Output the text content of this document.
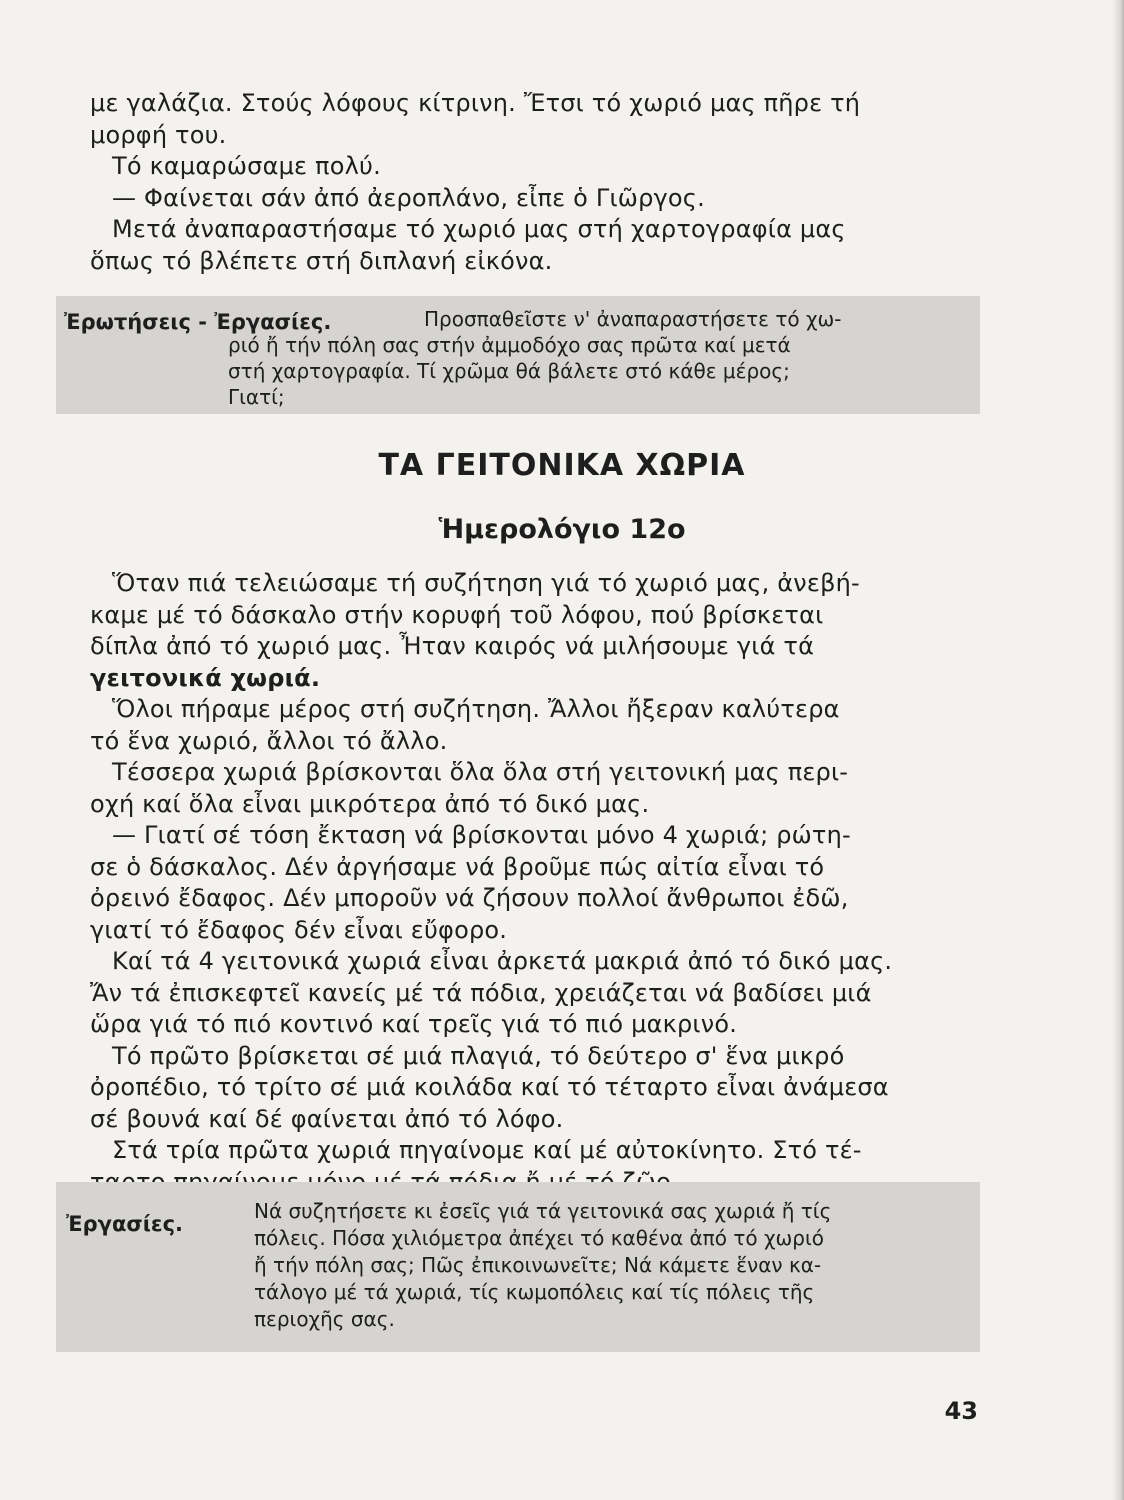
με γαλάζια. Στούς λόφους κίτρινη. Ἔτσι τό χωριό μας πῆρε τή
μορφή του.
Τό καμαρώσαμε πολύ.
— Φαίνεται σάν ἀπό ἀεροπλάνο, εἶπε ὁ Γιῶργος.
Μετά ἀναπαραστήσαμε τό χωριό μας στή χαρτογραφία μας
ὅπως τό βλέπετε στή διπλανή εἰκόνα.
Ἐρωτήσεις - Ἐργασίες.	Προσπαθεῖστε ν' ἀναπαραστήσετε τό χω-
ριό ἤ τήν πόλη σας στήν ἀμμοδόχο σας πρῶτα καί μετά
στή χαρτογραφία. Τί χρῶμα θά βάλετε στό κάθε μέρος;
Γιατί;
ΤΑ ΓΕΙΤΟΝΙΚΑ ΧΩΡΙΑ
Ἡμερολόγιο 12ο
Ὅταν πιά τελειώσαμε τή συζήτηση γιά τό χωριό μας, ἀνεβή-
καμε μέ τό δάσκαλο στήν κορυφή τοῦ λόφου, πού βρίσκεται
δίπλα ἀπό τό χωριό μας. Ἦταν καιρός νά μιλήσουμε γιά τά
γειτονικά χωριά.
Ὅλοι πήραμε μέρος στή συζήτηση. Ἄλλοι ἤξεραν καλύτερα
τό ἕνα χωριό, ἄλλοι τό ἄλλο.
Τέσσερα χωριά βρίσκονται ὅλα ὅλα στή γειτονική μας περι-
οχή καί ὅλα εἶναι μικρότερα ἀπό τό δικό μας.
— Γιατί σέ τόση ἔκταση νά βρίσκονται μόνο 4 χωριά; ρώτη-
σε ὁ δάσκαλος. Δέν ἀργήσαμε νά βροῦμε πώς αἰτία εἶναι τό
ὀρεινό ἔδαφος. Δέν μποροῦν νά ζήσουν πολλοί ἄνθρωποι ἐδῶ,
γιατί τό ἔδαφος δέν εἶναι εὔφορο.
Καί τά 4 γειτονικά χωριά εἶναι ἀρκετά μακριά ἀπό τό δικό μας.
Ἄν τά ἐπισκεφτεῖ κανείς μέ τά πόδια, χρειάζεται νά βαδίσει μιά
ὥρα γιά τό πιό κοντινό καί τρεῖς γιά τό πιό μακρινό.
Τό πρῶτο βρίσκεται σέ μιά πλαγιά, τό δεύτερο σ' ἕνα μικρό
ὀροπέδιο, τό τρίτο σέ μιά κοιλάδα καί τό τέταρτο εἶναι ἀνάμεσα
σέ βουνά καί δέ φαίνεται ἀπό τό λόφο.
Στά τρία πρῶτα χωριά πηγαίνομε καί μέ αὐτοκίνητο. Στό τέ-
Ἐργασίες.
Νά συζητήσετε κι ἐσεῖς γιά τά γειτονικά σας χωριά ἤ τίς
πόλεις. Πόσα χιλιόμετρα ἀπέχει τό καθένα ἀπό τό χωριό
ἤ τήν πόλη σας; Πῶς ἐπικοινωνεῖτε; Νά κάμετε ἕναν κα-
τάλογο μέ τά χωριά, τίς κωμοπόλεις καί τίς πόλεις τῆς
περιοχῆς σας.
43
